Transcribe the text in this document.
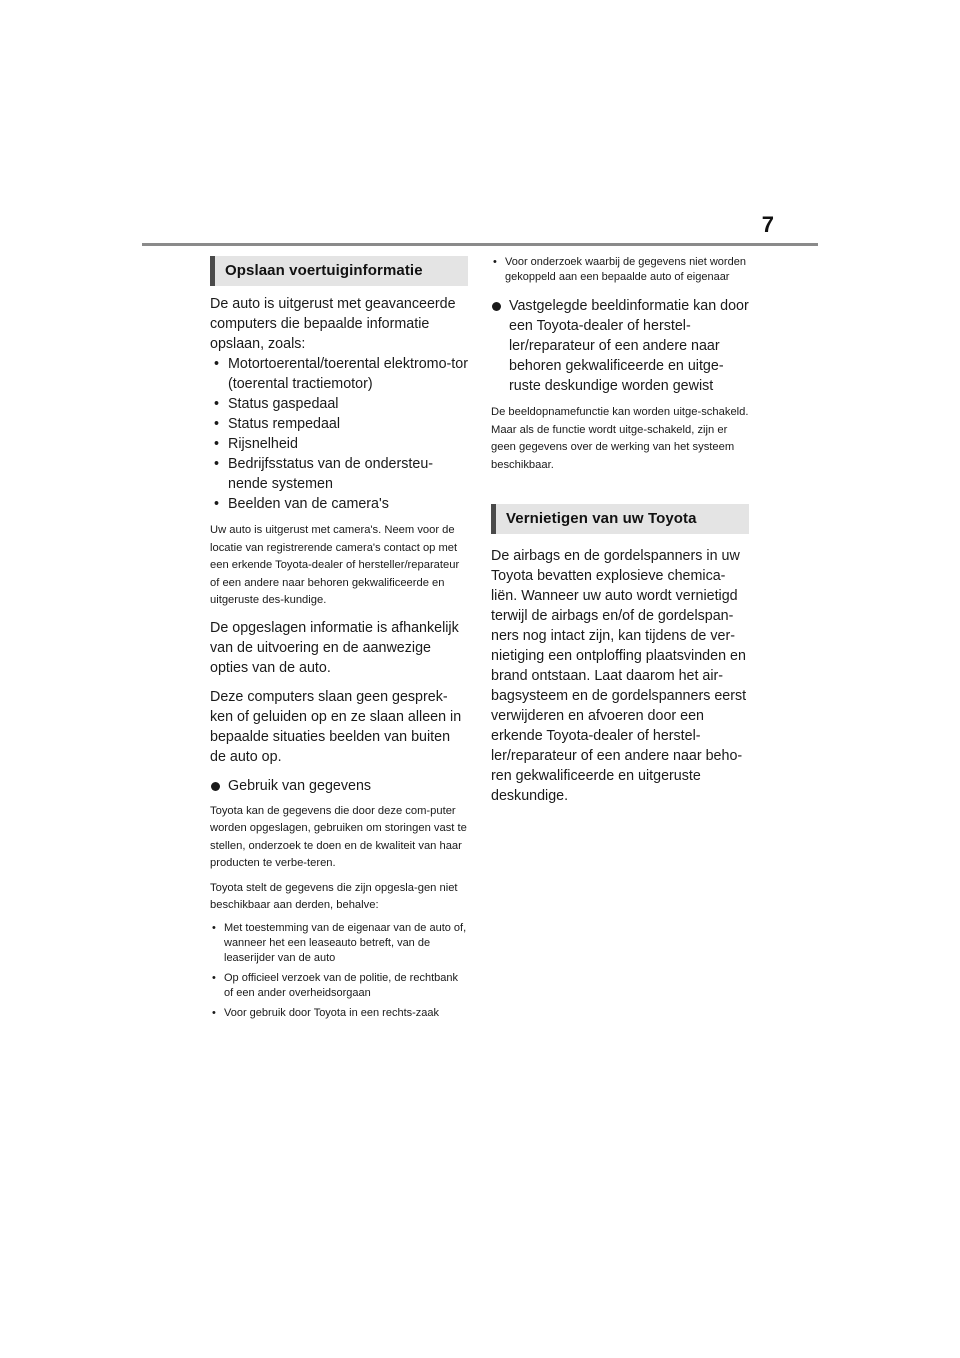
7
Opslaan voertuiginformatie

De auto is uitgerust met geavanceerde computers die bepaalde informatie opslaan, zoals:

• Motortoerental/toerental elektromo-tor (toerental tractiemotor)
• Status gaspedaal
• Status rempedaal
• Rijsnelheid
• Bedrijfsstatus van de ondersteu-nende systemen
• Beelden van de camera's

Uw auto is uitgerust met camera's. Neem voor de locatie van registrerende camera's contact op met een erkende Toyota-dealer of hersteller/reparateur of een andere naar behoren gekwalificeerde en uitgeruste des-kundige.

De opgeslagen informatie is afhankelijk van de uitvoering en de aanwezige opties van de auto.

Deze computers slaan geen gesprek-ken of geluiden op en ze slaan alleen in bepaalde situaties beelden van buiten de auto op.

Gebruik van gegevens

Toyota kan de gegevens die door deze com-puter worden opgeslagen, gebruiken om storingen vast te stellen, onderzoek te doen en de kwaliteit van haar producten te verbe-teren.

Toyota stelt de gegevens die zijn opgesla-gen niet beschikbaar aan derden, behalve:

• Met toestemming van de eigenaar van de auto of, wanneer het een leaseauto betreft, van de leaserijder van de auto
• Op officieel verzoek van de politie, de rechtbank of een ander overheidsorgaan
• Voor gebruik door Toyota in een rechts-zaak
• Voor onderzoek waarbij de gegevens niet worden gekoppeld aan een bepaalde auto of eigenaar

Vastgelegde beeldinformatie kan door een Toyota-dealer of herstel-ler/reparateur of een andere naar behoren gekwalificeerde en uitge-ruste deskundige worden gewist

De beeldopnamefunctie kan worden uitge-schakeld. Maar als de functie wordt uitge-schakeld, zijn er geen gegevens over de werking van het systeem beschikbaar.

Vernietigen van uw Toyota

De airbags en de gordelspanners in uw Toyota bevatten explosieve chemica-liën. Wanneer uw auto wordt vernietigd terwijl de airbags en/of de gordelspan-ners nog intact zijn, kan tijdens de ver-nietiging een ontploffing plaatsvinden en brand ontstaan. Laat daarom het air-bagsysteem en de gordelspanners eerst verwijderen en afvoeren door een erkende Toyota-dealer of herstel-ler/reparateur of een andere naar beho-ren gekwalificeerde en uitgeruste deskundige.
